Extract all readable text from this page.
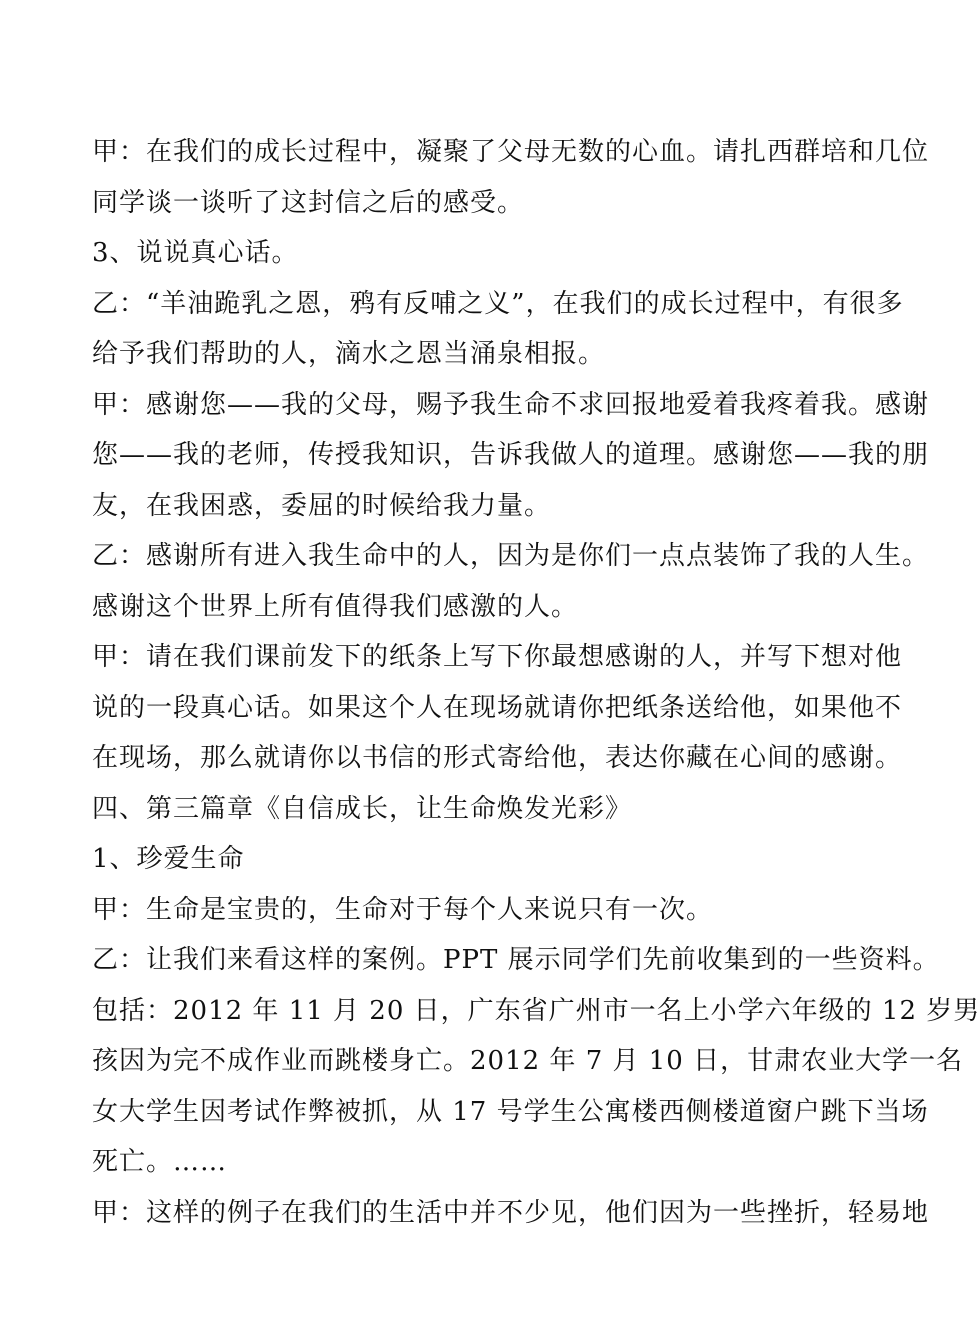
甲：在我们的成长过程中，凝聚了父母无数的心血。请扎西群培和几位
同学谈一谈听了这封信之后的感受。
3、说说真心话。
乙：“羊油跪乳之恩，鸦有反哺之义”，在我们的成长过程中，有很多
给予我们帮助的人，滴水之恩当涌泉相报。
甲：感谢您——我的父母，赐予我生命不求回报地爱着我疼着我。感谢
您——我的老师，传授我知识，告诉我做人的道理。感谢您——我的朋
友，在我困惑，委屈的时候给我力量。
乙：感谢所有进入我生命中的人，因为是你们一点点装饰了我的人生。
感谢这个世界上所有值得我们感激的人。
甲：请在我们课前发下的纸条上写下你最想感谢的人，并写下想对他
说的一段真心话。如果这个人在现场就请你把纸条送给他，如果他不
在现场，那么就请你以书信的形式寄给他，表达你藏在心间的感谢。
四、第三篇章《自信成长，让生命焕发光彩》
1、珍爱生命
甲：生命是宝贵的，生命对于每个人来说只有一次。
乙：让我们来看这样的案例。PPT 展示同学们先前收集到的一些资料。
包括：2012 年 11 月 20 日，广东省广州市一名上小学六年级的 12 岁男
孩因为完不成作业而跳楼身亡。2012 年 7 月 10 日，甘肃农业大学一名
女大学生因考试作弊被抓，从 17 号学生公寓楼西侧楼道窗户跳下当场
死亡。……
甲：这样的例子在我们的生活中并不少见，他们因为一些挫折，轻易地
